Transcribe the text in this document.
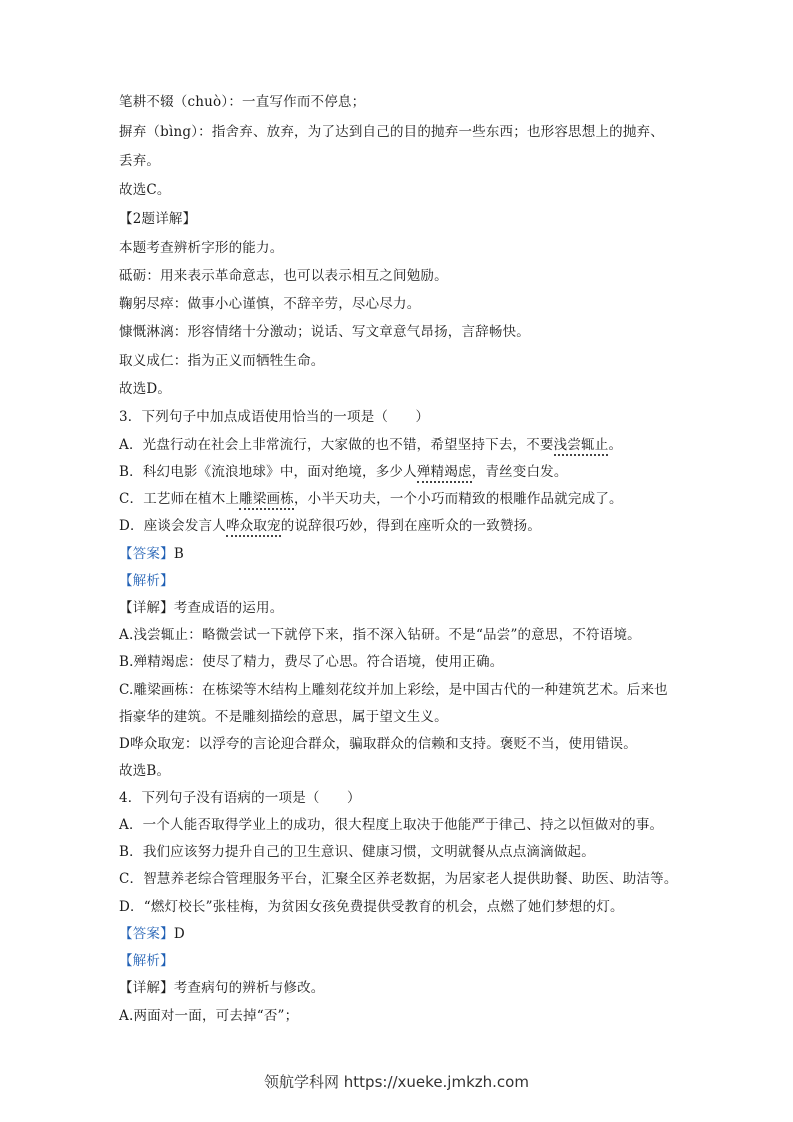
笔耕不辍（chuò）：一直写作而不停息；
摒弃（bìng）：指舍弃、放弃，为了达到自己的目的抛弃一些东西；也形容思想上的抛弃、
丢弃。
故选C。
【2题详解】
本题考查辨析字形的能力。
砥砺：用来表示革命意志，也可以表示相互之间勉励。
鞠躬尽瘁：做事小心谨慎，不辞辛劳，尽心尽力。
慷慨淋漓：形容情绪十分激动；说话、写文章意气昂扬，言辞畅快。
取义成仁：指为正义而牺牲生命。
故选D。
3．下列句子中加点成语使用恰当的一项是（　　）
A．光盘行动在社会上非常流行，大家做的也不错，希望坚持下去，不要浅尝辄止。
B．科幻电影《流浪地球》中，面对绝境，多少人殚精竭虑，青丝变白发。
C．工艺师在植木上雕梁画栋，小半天功夫，一个小巧而精致的根雕作品就完成了。
D．座谈会发言人哗众取宠的说辞很巧妙，得到在座听众的一致赞扬。
【答案】B
【解析】
【详解】考查成语的运用。
A.浅尝辄止：略微尝试一下就停下来，指不深入钻研。不是“品尝”的意思，不符语境。
B.殚精竭虑：使尽了精力，费尽了心思。符合语境，使用正确。
C.雕梁画栋：在栋梁等木结构上雕刻花纹并加上彩绘，是中国古代的一种建筑艺术。后来也
指豪华的建筑。不是雕刻描绘的意思，属于望文生义。
D哗众取宠：以浮夸的言论迎合群众，骗取群众的信赖和支持。褒贬不当，使用错误。
故选B。
4．下列句子没有语病的一项是（　　）
A．一个人能否取得学业上的成功，很大程度上取决于他能严于律己、持之以恒做对的事。
B．我们应该努力提升自己的卫生意识、健康习惯，文明就餐从点点滴滴做起。
C．智慧养老综合管理服务平台，汇聚全区养老数据，为居家老人提供助餐、助医、助洁等。
D．“燃灯校长”张桂梅，为贫困女孩免费提供受教育的机会，点燃了她们梦想的灯。
【答案】D
【解析】
【详解】考查病句的辨析与修改。
A.两面对一面，可去掉“否”；
领航学科网 https://xueke.jmkzh.com
